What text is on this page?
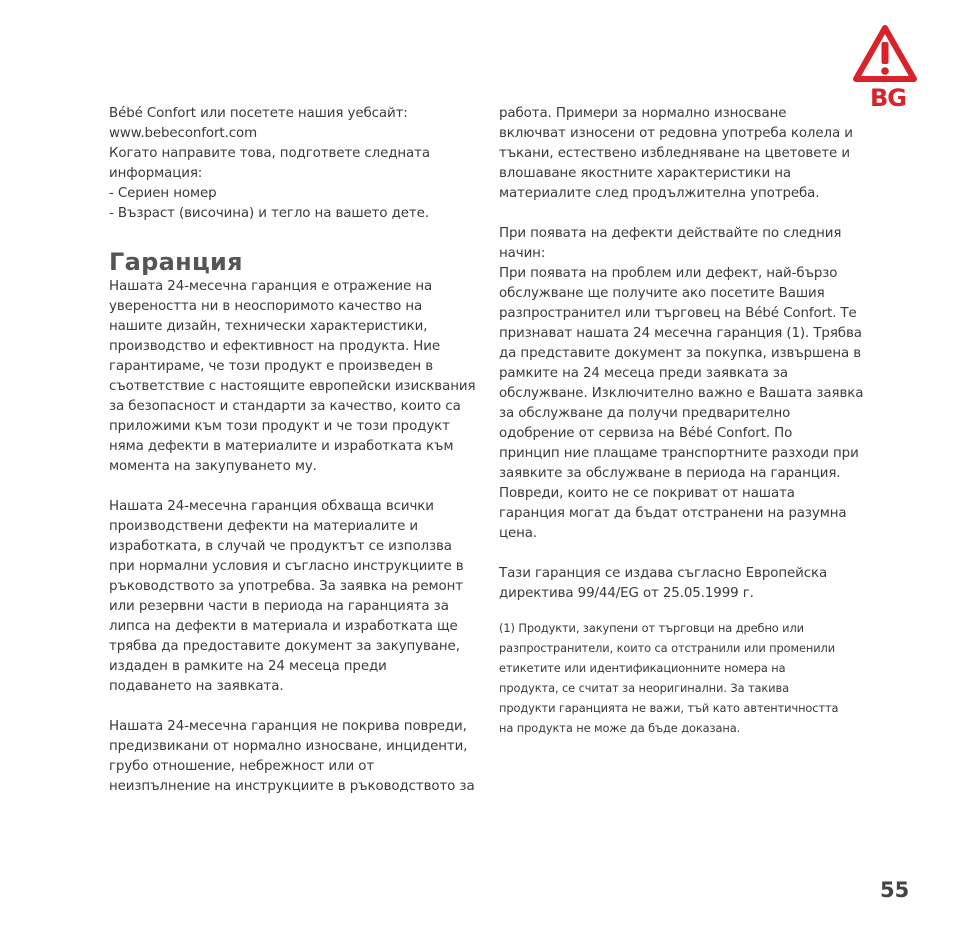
BG
Bébé Confort или посетете нашия уебсайт:
www.bebeconfort.com
Когато направите това, подгответе следната
информация:
- Сериен номер
- Възраст (височина) и тегло на вашето дете.
Гаранция
Нашата 24-месечна гаранция е отражение на
увереността ни в неоспоримото качество на
нашите дизайн, технически характеристики,
производство и ефективност на продукта. Ние
гарантираме, че този продукт е произведен в
съответствие с настоящите европейски изисквания
за безопасност и стандарти за качество, които са
приложими към този продукт и че този продукт
няма дефекти в материалите и изработката към
момента на закупуването му.
Нашата 24-месечна гаранция обхваща всички
производствени дефекти на материалите и
изработката, в случай че продуктът се използва
при нормални условия и съгласно инструкциите в
ръководството за употребва. За заявка на ремонт
или резервни части в периода на гаранцията за
липса на дефекти в материала и изработката ще
трябва да предоставите документ за закупуване,
издаден в рамките на 24 месеца преди
подаването на заявката.
Нашата 24-месечна гаранция не покрива повреди,
предизвикани от нормално износване, инциденти,
грубо отношение, небрежност или от
неизпълнение на инструкциите в ръководството за
работа. Примери за нормално износване
включват износени от редовна употреба колела и
тъкани, естествено избледняване на цветовете и
влошаване якостните характеристики на
материалите след продължителна употреба.
При появата на дефекти действайте по следния
начин:
При появата на проблем или дефект, най-бързо
обслужване ще получите ако посетите Вашия
разпространител или търговец на Bébé Confort. Те
признават нашата 24 месечна гаранция (1). Трябва
да представите документ за покупка, извършена в
рамките на 24 месеца преди заявката за
обслужване. Изключително важно е Вашата заявка
за обслужване да получи предварително
одобрение от сервиза на Bébé Confort. По
принцип ние плащаме транспортните разходи при
заявките за обслужване в периода на гаранция.
Повреди, които не се покриват от нашата
гаранция могат да бъдат отстранени на разумна
цена.
Тази гаранция се издава съгласно Европейска
директива 99/44/EG от 25.05.1999 г.
(1) Продукти, закупени от търговци на дребно или
разпространители, които са отстранили или променили
етикетите или идентификационните номера на
продукта, се считат за неоригинални. За такива
продукти гаранцията не важи, тъй като автентичността
на продукта не може да бъде доказана.
55
